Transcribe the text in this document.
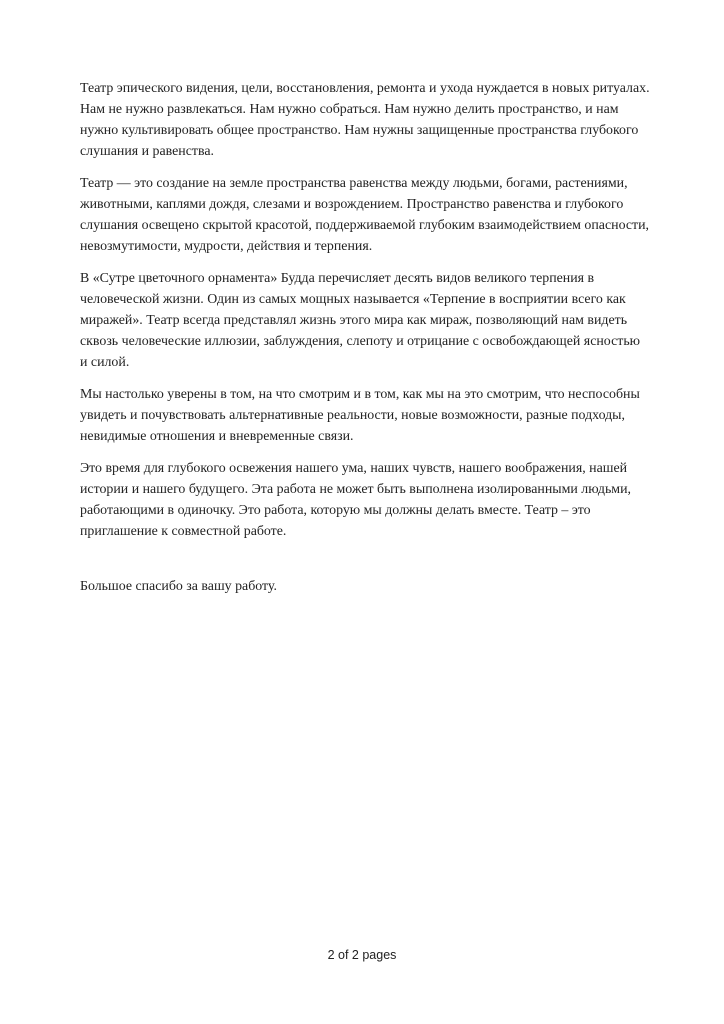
Театр эпического видения, цели, восстановления, ремонта и ухода нуждается в новых ритуалах. Нам не нужно развлекаться. Нам нужно собраться. Нам нужно делить пространство, и нам нужно культивировать общее пространство. Нам нужны защищенные пространства глубокого слушания и равенства.

Театр — это создание на земле пространства равенства между людьми, богами, растениями, животными, каплями дождя, слезами и возрождением. Пространство равенства и глубокого слушания освещено скрытой красотой, поддерживаемой глубоким взаимодействием опасности, невозмутимости, мудрости, действия и терпения.

В «Сутре цветочного орнамента» Будда перечисляет десять видов великого терпения в человеческой жизни. Один из самых мощных называется «Терпение в восприятии всего как миражей». Театр всегда представлял жизнь этого мира как мираж, позволяющий нам видеть сквозь человеческие иллюзии, заблуждения, слепоту и отрицание с освобождающей ясностью и силой.

Мы настолько уверены в том, на что смотрим и в том, как мы на это смотрим, что неспособны увидеть и почувствовать альтернативные реальности, новые возможности, разные подходы, невидимые отношения и вневременные связи.

Это время для глубокого освежения нашего ума, наших чувств, нашего воображения, нашей истории и нашего будущего. Эта работа не может быть выполнена изолированными людьми, работающими в одиночку. Это работа, которую мы должны делать вместе. Театр – это приглашение к совместной работе.

Большое спасибо за вашу работу.

2 of 2 pages
